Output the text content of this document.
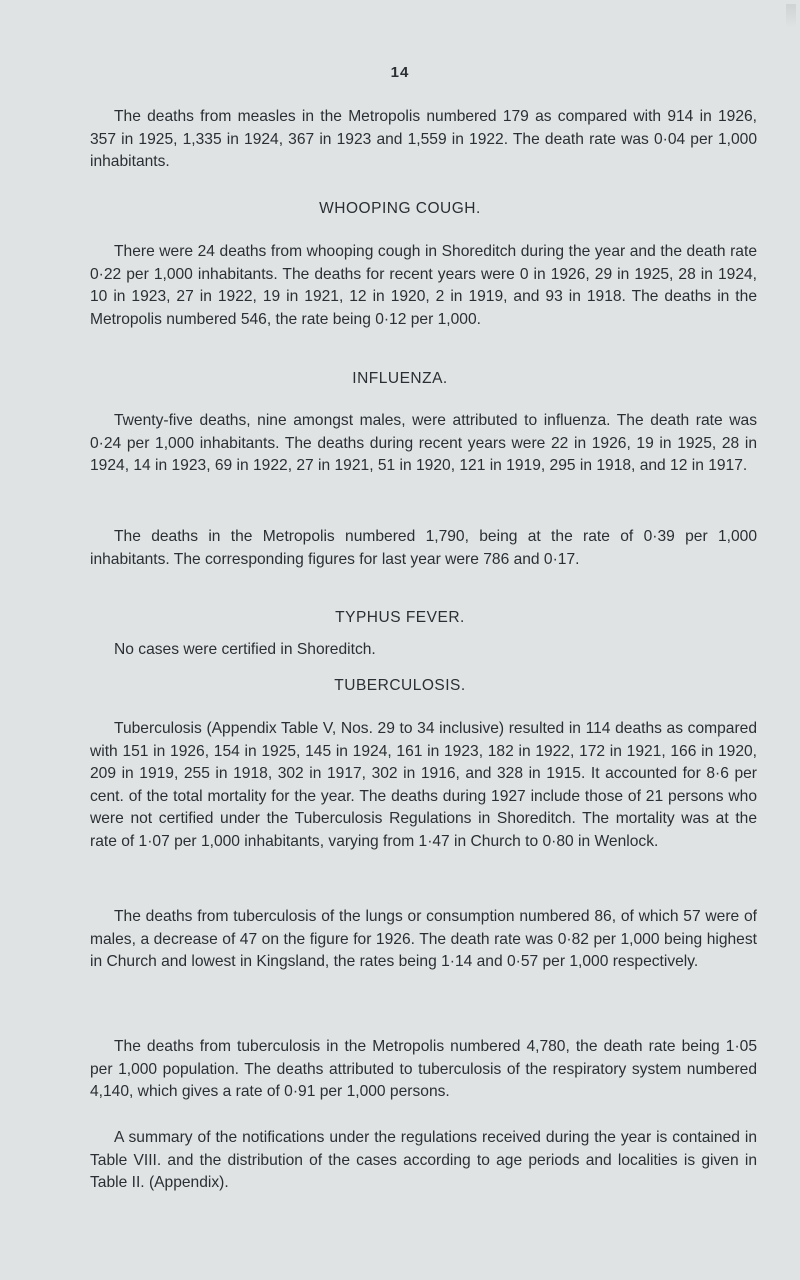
14

The deaths from measles in the Metropolis numbered 179 as compared with 914 in 1926, 357 in 1925, 1,335 in 1924, 367 in 1923 and 1,559 in 1922. The death rate was 0·04 per 1,000 inhabitants.

WHOOPING COUGH.

There were 24 deaths from whooping cough in Shoreditch during the year and the death rate 0·22 per 1,000 inhabitants. The deaths for recent years were 0 in 1926, 29 in 1925, 28 in 1924, 10 in 1923, 27 in 1922, 19 in 1921, 12 in 1920, 2 in 1919, and 93 in 1918. The deaths in the Metropolis numbered 546, the rate being 0·12 per 1,000.

INFLUENZA.

Twenty-five deaths, nine amongst males, were attributed to influenza. The death rate was 0·24 per 1,000 inhabitants. The deaths during recent years were 22 in 1926, 19 in 1925, 28 in 1924, 14 in 1923, 69 in 1922, 27 in 1921, 51 in 1920, 121 in 1919, 295 in 1918, and 12 in 1917.

The deaths in the Metropolis numbered 1,790, being at the rate of 0·39 per 1,000 inhabitants. The corresponding figures for last year were 786 and 0·17.

TYPHUS FEVER.

No cases were certified in Shoreditch.

TUBERCULOSIS.

Tuberculosis (Appendix Table V, Nos. 29 to 34 inclusive) resulted in 114 deaths as compared with 151 in 1926, 154 in 1925, 145 in 1924, 161 in 1923, 182 in 1922, 172 in 1921, 166 in 1920, 209 in 1919, 255 in 1918, 302 in 1917, 302 in 1916, and 328 in 1915. It accounted for 8·6 per cent. of the total mortality for the year. The deaths during 1927 include those of 21 persons who were not certified under the Tuberculosis Regulations in Shoreditch. The mortality was at the rate of 1·07 per 1,000 inhabitants, varying from 1·47 in Church to 0·80 in Wenlock.

The deaths from tuberculosis of the lungs or consumption numbered 86, of which 57 were of males, a decrease of 47 on the figure for 1926. The death rate was 0·82 per 1,000 being highest in Church and lowest in Kingsland, the rates being 1·14 and 0·57 per 1,000 respectively.

The deaths from tuberculosis in the Metropolis numbered 4,780, the death rate being 1·05 per 1,000 population. The deaths attributed to tuberculosis of the respiratory system numbered 4,140, which gives a rate of 0·91 per 1,000 persons.

A summary of the notifications under the regulations received during the year is contained in Table VIII. and the distribution of the cases according to age periods and localities is given in Table II. (Appendix).
